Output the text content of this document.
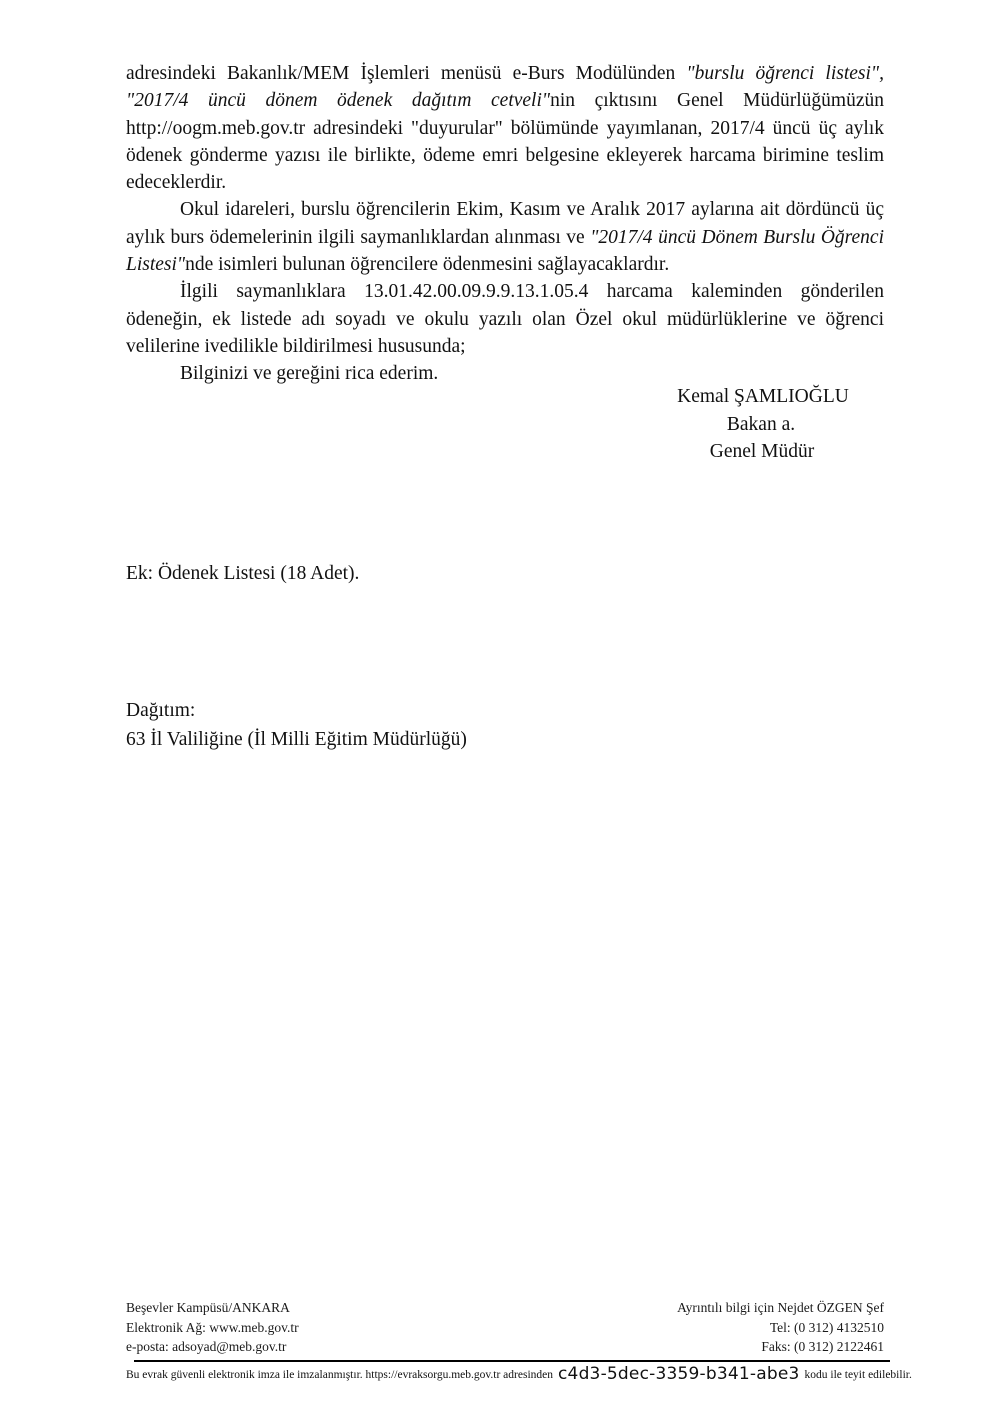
adresindeki Bakanlık/MEM İşlemleri menüsü e-Burs Modülünden "burslu öğrenci listesi", "2017/4 üncü dönem ödenek dağıtım cetveli"nin çıktısını Genel Müdürlüğümüzün http://oogm.meb.gov.tr adresindeki "duyurular" bölümünde yayımlanan, 2017/4 üncü üç aylık ödenek gönderme yazısı ile birlikte, ödeme emri belgesine ekleyerek harcama birimine teslim edeceklerdir.

Okul idareleri, burslu öğrencilerin Ekim, Kasım ve Aralık 2017 aylarına ait dördüncü üç aylık burs ödemelerinin ilgili saymanlıklardan alınması ve "2017/4 üncü Dönem Burslu Öğrenci Listesi"nde isimleri bulunan öğrencilere ödenmesini sağlayacaklardır.

İlgili saymanlıklara 13.01.42.00.09.9.9.13.1.05.4 harcama kaleminden gönderilen ödeneğin, ek listede adı soyadı ve okulu yazılı olan Özel okul müdürlüklerine ve öğrenci velilerine ivedilikle bildirilmesi hususunda;

Bilginizi ve gereğini rica ederim.

Kemal ŞAMLIOĞLU
Bakan a.
Genel Müdür
Ek: Ödenek Listesi (18 Adet).
Dağıtım:
63 İl Valiliğine (İl Milli Eğitim Müdürlüğü)
Beşevler Kampüsü/ANKARA
Elektronik Ağ: www.meb.gov.tr
e-posta: adsoyad@meb.gov.tr
Ayrıntılı bilgi için Nejdet ÖZGEN Şef
Tel: (0 312) 4132510
Faks: (0 312) 2122461
Bu evrak güvenli elektronik imza ile imzalanmıştır. https://evraksorgu.meb.gov.tr adresinden c4d3-5dec-3359-b341-abe3 kodu ile teyit edilebilir.
